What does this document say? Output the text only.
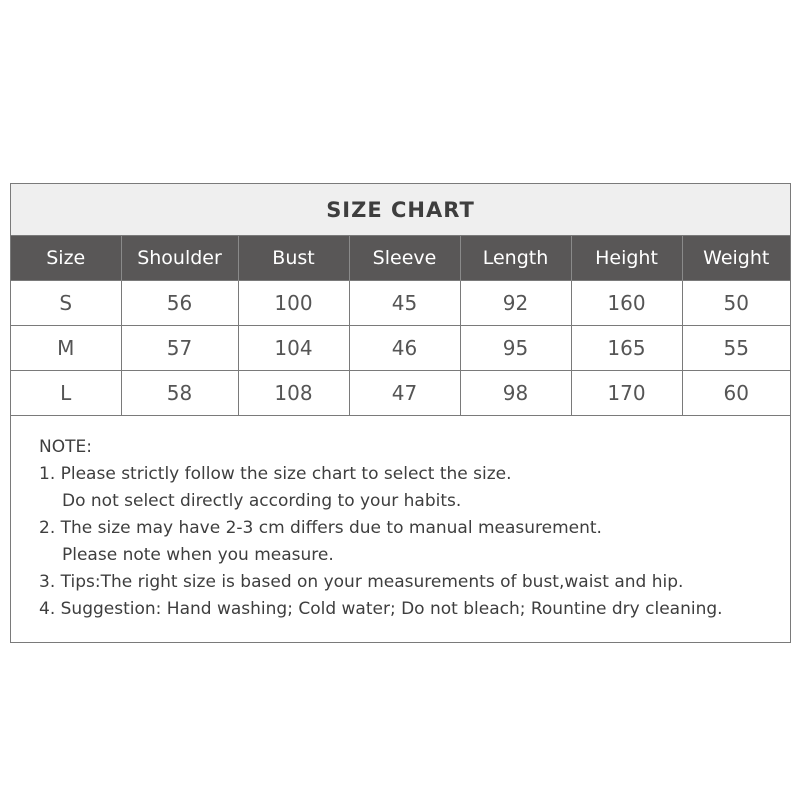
SIZE CHART
Size	Shoulder	Bust	Sleeve	Length	Height	Weight
S	56	100	45	92	160	50
M	57	104	46	95	165	55
L	58	108	47	98	170	60
NOTE:
1. Please strictly follow the size chart to select the size.
Do not select directly according to your habits.
2. The size may have 2-3 cm differs due to manual measurement.
Please note when you measure.
3. Tips:The right size is based on your measurements of bust,waist and hip.
4. Suggestion: Hand washing; Cold water; Do not bleach; Rountine dry cleaning.
